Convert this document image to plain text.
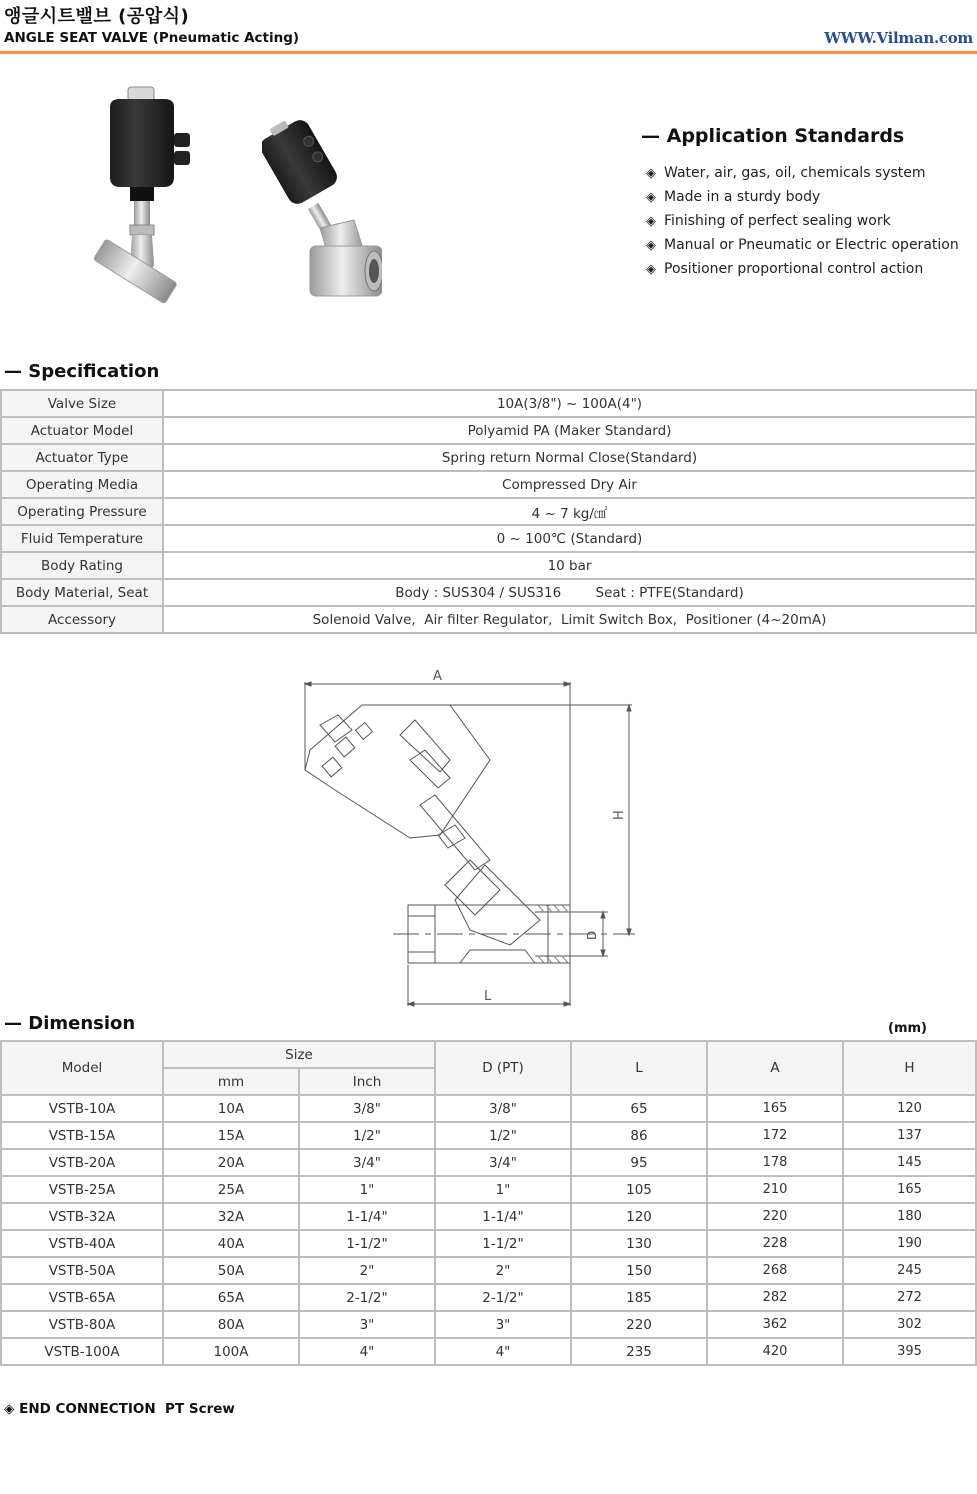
앵글시트밸브 (공압식)
ANGLE SEAT VALVE (Pneumatic Acting)	WWW.Vilman.com
— Application Standards
◈ Water, air, gas, oil, chemicals system
◈ Made in a sturdy body
◈ Finishing of perfect sealing work
◈ Manual or Pneumatic or Electric operation
◈ Positioner proportional control action
— Specification
Valve Size	10A(3/8") ~ 100A(4")
Actuator Model	Polyamid PA (Maker Standard)
Actuator Type	Spring return Normal Close(Standard)
Operating Media	Compressed Dry Air
Operating Pressure	4 ~ 7 kg/㎠
Fluid Temperature	0 ~ 100℃ (Standard)
Body Rating	10 bar
Body Material, Seat	Body : SUS304 / SUS316        Seat : PTFE(Standard)
Accessory	Solenoid Valve,  Air filter Regulator,  Limit Switch Box,  Positioner (4~20mA)
A
H
D
L
— Dimension	(mm)
Model	Size		D (PT)	L	A	H
	mm	Inch				
VSTB-10A	10A	3/8"	3/8"	65	165	120
VSTB-15A	15A	1/2"	1/2"	86	172	137
VSTB-20A	20A	3/4"	3/4"	95	178	145
VSTB-25A	25A	1"	1"	105	210	165
VSTB-32A	32A	1-1/4"	1-1/4"	120	220	180
VSTB-40A	40A	1-1/2"	1-1/2"	130	228	190
VSTB-50A	50A	2"	2"	150	268	245
VSTB-65A	65A	2-1/2"	2-1/2"	185	282	272
VSTB-80A	80A	3"	3"	220	362	302
VSTB-100A	100A	4"	4"	235	420	395
◈ END CONNECTION PT Screw
